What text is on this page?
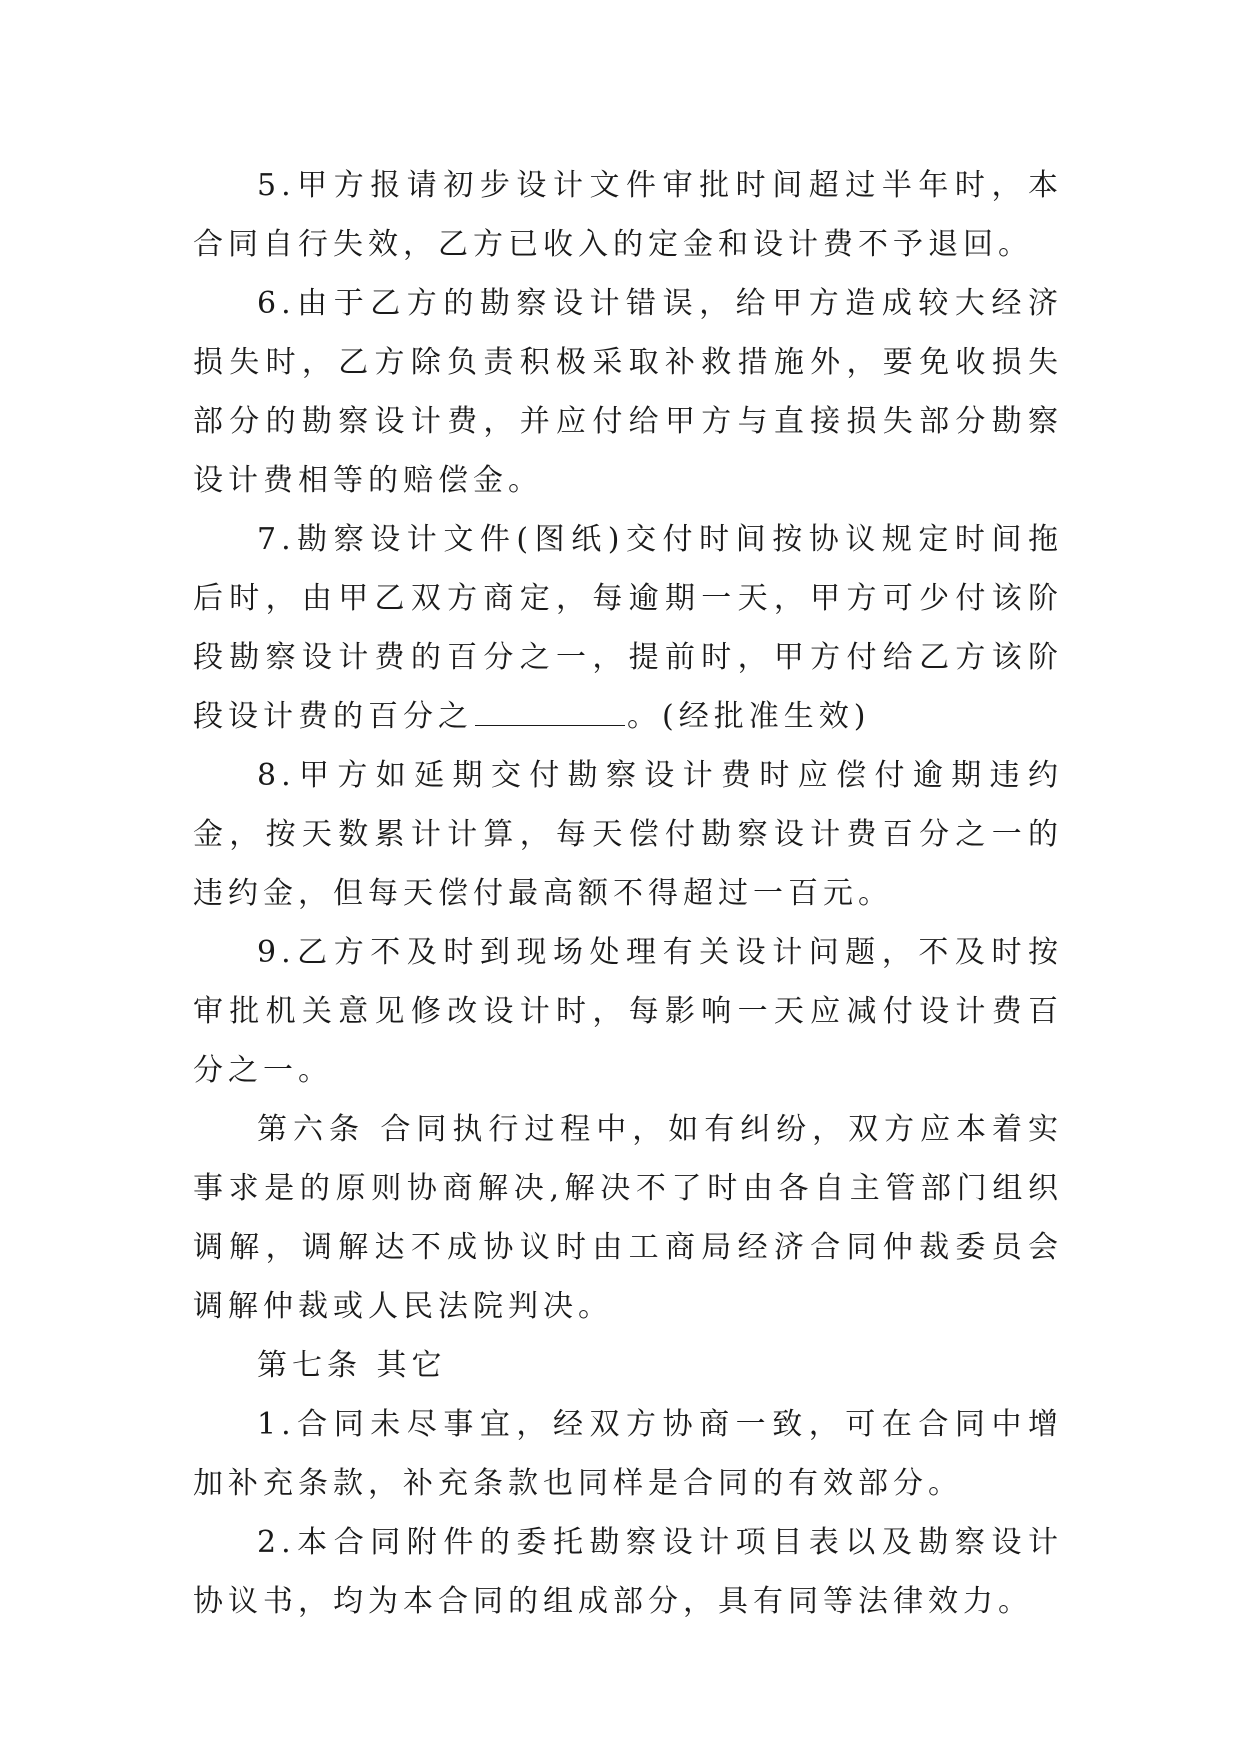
5.甲方报请初步设计文件审批时间超过半年时，本合同自行失效，乙方已收入的定金和设计费不予退回。

6.由于乙方的勘察设计错误，给甲方造成较大经济损失时，乙方除负责积极采取补救措施外，要免收损失部分的勘察设计费，并应付给甲方与直接损失部分勘察设计费相等的赔偿金。

7.勘察设计文件(图纸)交付时间按协议规定时间拖后时，由甲乙双方商定，每逾期一天，甲方可少付该阶段勘察设计费的百分之一，提前时，甲方付给乙方该阶段设计费的百分之	。(经批准生效)

8.甲方如延期交付勘察设计费时应偿付逾期违约金，按天数累计计算，每天偿付勘察设计费百分之一的违约金，但每天偿付最高额不得超过一百元。

9.乙方不及时到现场处理有关设计问题，不及时按审批机关意见修改设计时，每影响一天应减付设计费百分之一。

第六条 合同执行过程中，如有纠纷，双方应本着实事求是的原则协商解决,解决不了时由各自主管部门组织调解，调解达不成协议时由工商局经济合同仲裁委员会调解仲裁或人民法院判决。

第七条 其它

1.合同未尽事宜，经双方协商一致，可在合同中增加补充条款，补充条款也同样是合同的有效部分。

2.本合同附件的委托勘察设计项目表以及勘察设计协议书，均为本合同的组成部分，具有同等法律效力。
